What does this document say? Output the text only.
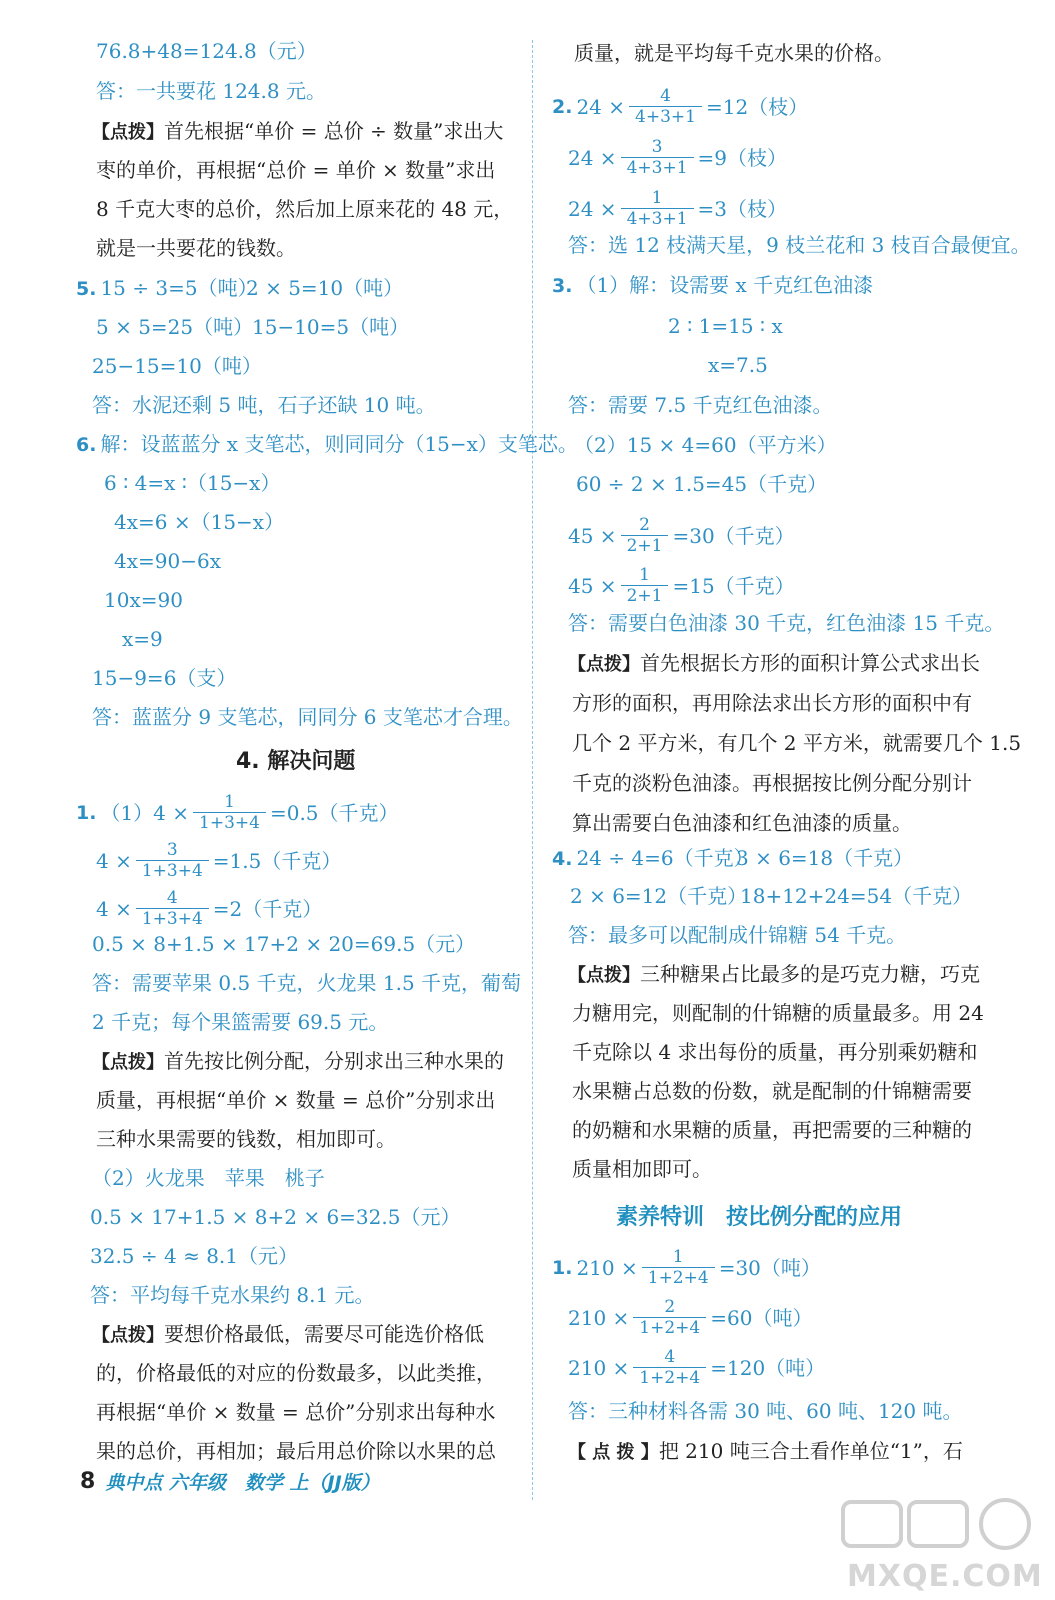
76.8+48=124.8（元）
答：一共要花 124.8 元。
【点拨】首先根据“单价 = 总价 ÷ 数量”求出大
枣的单价，再根据“总价 = 单价 × 数量”求出
8 千克大枣的总价，然后加上原来花的 48 元，
就是一共要花的钱数。
5. 15 ÷ 3=5（吨）
2 × 5=10（吨）
5 × 5=25（吨）
15−10=5（吨）
25−15=10（吨）
答：水泥还剩 5 吨，石子还缺 10 吨。
6. 解：设蓝蓝分 x 支笔芯，则同同分（15−x）支笔芯。
6 ∶ 4=x ∶（15−x）
4x=6 ×（15−x）
4x=90−6x
10x=90
x=9
15−9=6（支）
答：蓝蓝分 9 支笔芯，同同分 6 支笔芯才合理。
4. 解决问题
1. $(1)4 \times \frac{1}{1+3+4} =0.5$（千克）
$4 \times \frac{3}{1+3+4} =1.5$（千克）
$4 \times \frac{4}{1+3+4} =2$（千克）
0.5 × 8+1.5 × 17+2 × 20=69.5（元）
答：需要苹果 0.5 千克，火龙果 1.5 千克，葡萄
2 千克；每个果篮需要 69.5 元。
【点拨】首先按比例分配，分别求出三种水果的
质量，再根据“单价 × 数量 = 总价”分别求出
三种水果需要的钱数，相加即可。
（2）火龙果　苹果　桃子
0.5 × 17+1.5 × 8+2 × 6=32.5（元）
32.5 ÷ 4 ≈ 8.1（元）
答：平均每千克水果约 8.1 元。
【点拨】要想价格最低，需要尽可能选价格低
的，价格最低的对应的份数最多，以此类推，
再根据“单价 × 数量 = 总价”分别求出每种水
果的总价，再相加；最后用总价除以水果的总
质量，就是平均每千克水果的价格。
2. $24 \times \frac{4}{4+3+1} =12$（枝）
$24 \times \frac{3}{4+3+1} =9$（枝）
$24 \times \frac{1}{4+3+1} =3$（枝）
答：选 12 枝满天星，9 枝兰花和 3 枝百合最便宜。
3. （1）解：设需要 x 千克红色油漆
2 ∶ 1=15 ∶ x
x=7.5
答：需要 7.5 千克红色油漆。
（2）15 × 4=60（平方米）
60 ÷ 2 × 1.5=45（千克）
$45 \times \frac{2}{2+1} =30$（千克）
$45 \times \frac{1}{2+1} =15$（千克）
答：需要白色油漆 30 千克，红色油漆 15 千克。
【点拨】首先根据长方形的面积计算公式求出长
方形的面积，再用除法求出长方形的面积中有
几个 2 平方米，有几个 2 平方米，就需要几个 1.5
千克的淡粉色油漆。再根据按比例分配分别计
算出需要白色油漆和红色油漆的质量。
4. 24 ÷ 4=6（千克）
3 × 6=18（千克）
2 × 6=12（千克）
18+12+24=54（千克）
答：最多可以配制成什锦糖 54 千克。
【点拨】三种糖果占比最多的是巧克力糖，巧克
力糖用完，则配制的什锦糖的质量最多。用 24
千克除以 4 求出每份的质量，再分别乘奶糖和
水果糖占总数的份数，就是配制的什锦糖需要
的奶糖和水果糖的质量，再把需要的三种糖的
质量相加即可。
素养特训　按比例分配的应用
1. $210 \times \frac{1}{1+2+4} =30$（吨）
$210 \times \frac{2}{1+2+4} =60$（吨）
$210 \times \frac{4}{1+2+4} =120$（吨）
答：三种材料各需 30 吨、60 吨、120 吨。
【 点 拨 】把 210 吨三合土看作单位“1”，石
8 典中点 六年级　数学 上（JJ版）
MXQE.COM
